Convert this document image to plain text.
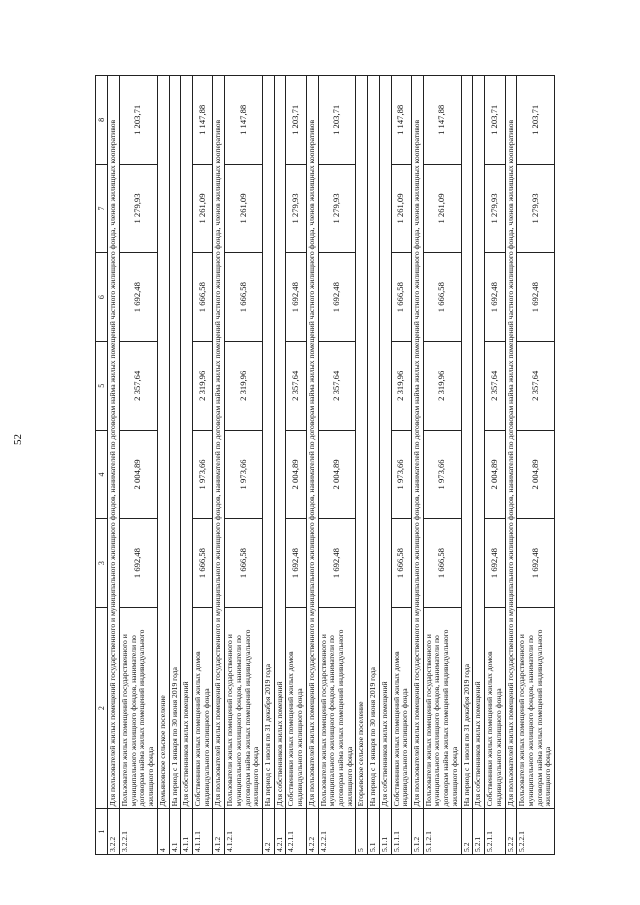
52
1	2	3	4	5	6	7	8
3.2.2	Для пользователей жилых помещений государственного и муниципального жилищного фондов, нанимателей по договорам найма жилых помещений частного жилищного фонда, членов жилищных кооперативов						
3.2.2.1	Пользователи жилых помещений государственного и муниципального жилищного фондов, наниматели по договорам найма жилых помещений индивидуального жилищного фонда	1 692,48	2 004,89	2 357,64	1 692,48	1 279,93	1 203,71
4	Демьяновское сельское поселение						
4.1	На период с 1 января по 30 июня 2019 года						
4.1.1	Для собственников жилых помещений						
4.1.1.1	Собственники жилых помещений жилых домов индивидуального жилищного фонда	1 666,58	1 973,66	2 319,96	1 666,58	1 261,09	1 147,88
4.1.2	Для пользователей жилых помещений государственного и муниципального жилищного фондов, нанимателей по договорам найма жилых помещений частного жилищного фонда, членов жилищных кооперативов						
4.1.2.1	Пользователи жилых помещений государственного и муниципального жилищного фондов, наниматели по договорам найма жилых помещений индивидуального жилищного фонда	1 666,58	1 973,66	2 319,96	1 666,58	1 261,09	1 147,88
4.2	На период с 1 июля по 31 декабря 2019 года						
4.2.1	Для собственников жилых помещений						
4.2.1.1	Собственники жилых помещений жилых домов индивидуального жилищного фонда	1 692,48	2 004,89	2 357,64	1 692,48	1 279,93	1 203,71
4.2.2	Для пользователей жилых помещений государственного и муниципального жилищного фондов, нанимателей по договорам найма жилых помещений частного жилищного фонда, членов жилищных кооперативов						
4.2.2.1	Пользователи жилых помещений государственного и муниципального жилищного фондов, наниматели по договорам найма жилых помещений индивидуального жилищного фонда	1 692,48	2 004,89	2 357,64	1 692,48	1 279,93	1 203,71
5	Егорьевское сельское поселение						
5.1	На период с 1 января по 30 июня 2019 года						
5.1.1	Для собственников жилых помещений						
5.1.1.1	Собственники жилых помещений жилых домов индивидуального жилищного фонда	1 666,58	1 973,66	2 319,96	1 666,58	1 261,09	1 147,88
5.1.2	Для пользователей жилых помещений государственного и муниципального жилищного фондов, нанимателей по договорам найма жилых помещений частного жилищного фонда, членов жилищных кооперативов						
5.1.2.1	Пользователи жилых помещений государственного и муниципального жилищного фондов, наниматели по договорам найма жилых помещений индивидуального жилищного фонда	1 666,58	1 973,66	2 319,96	1 666,58	1 261,09	1 147,88
5.2	На период с 1 июля по 31 декабря 2019 года						
5.2.1	Для собственников жилых помещений						
5.2.1.1	Собственники жилых помещений жилых домов индивидуального жилищного фонда	1 692,48	2 004,89	2 357,64	1 692,48	1 279,93	1 203,71
5.2.2	Для пользователей жилых помещений государственного и муниципального жилищного фондов, нанимателей по договорам найма жилых помещений частного жилищного фонда, членов жилищных кооперативов						
5.2.2.1	Пользователи жилых помещений государственного и муниципального жилищного фондов, наниматели по договорам найма жилых помещений индивидуального жилищного фонда	1 692,48	2 004,89	2 357,64	1 692,48	1 279,93	1 203,71
